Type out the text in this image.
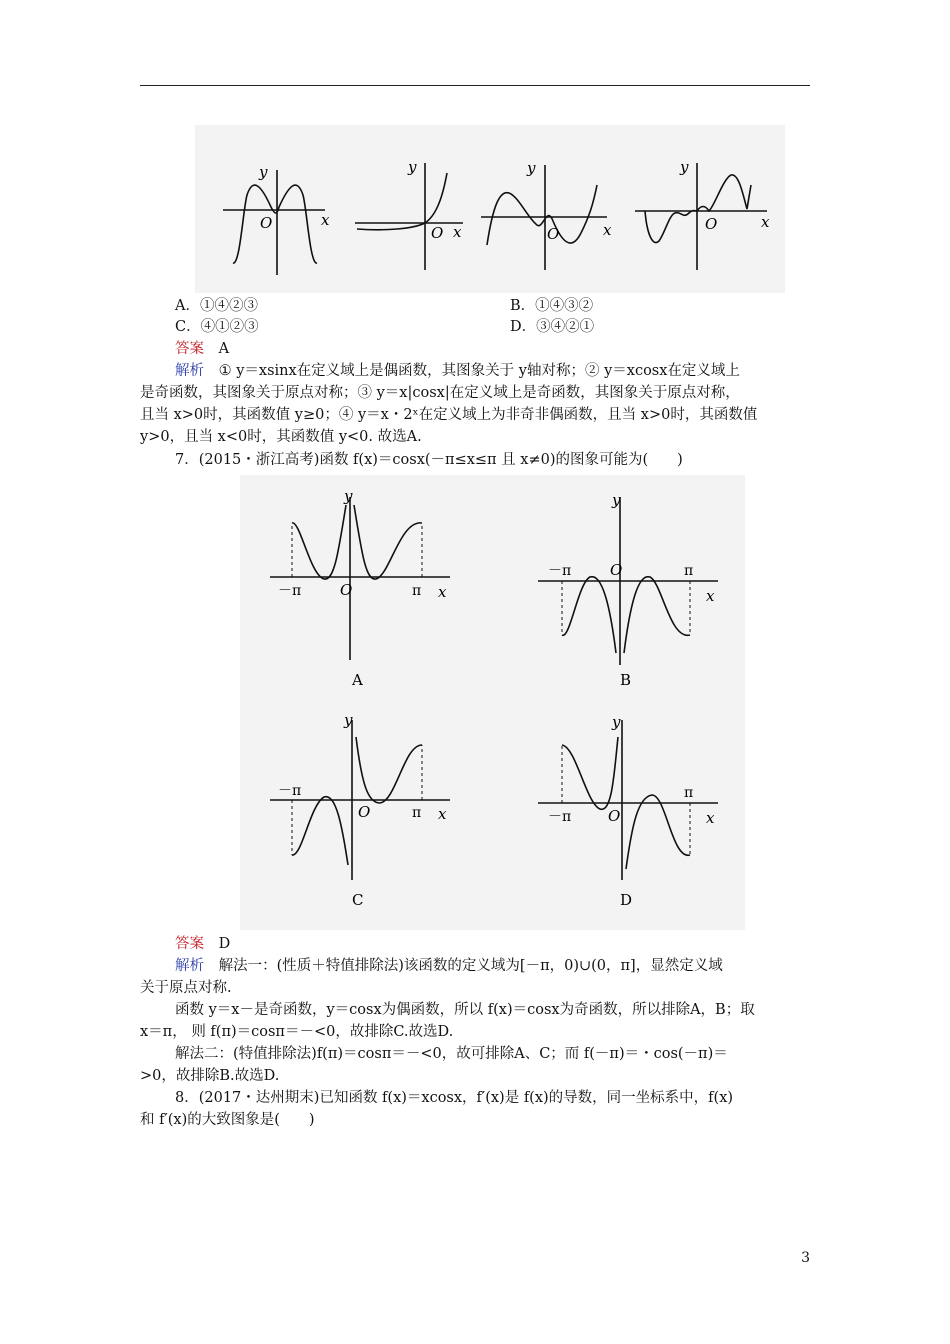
y
x
O
y
x
O
y
x
O
y
x
O
A．①④②③	B．①④③②
C．④①②③	D．③④②①
答案 A
解析 ① y＝xsinx在定义域上是偶函数，其图象关于 y轴对称；② y＝xcosx在定义域上
是奇函数，其图象关于原点对称；③ y＝x|cosx|在定义域上是奇函数，其图象关于原点对称，
且当 x>0时，其函数值 y≥0；④ y＝x・2ˣ在定义域上为非奇非偶函数，且当 x>0时，其函数值
y>0，且当 x<0时，其函数值 y<0. 故选A.
7．(2015・浙江高考)函数 f(x)＝cosx(－π≤x≤π 且 x≠0)的图象可能为(　　)
－π	π x
y
O
A
－π	π
x
y
O
B
－π
π x
y
O
C
－π
π
x
y
O
D
答案 D
解析 解法一：(性质＋特值排除法)该函数的定义域为[－π，0)∪(0，π]，显然定义域
关于原点对称.
函数 y＝x－是奇函数，y＝cosx为偶函数，所以 f(x)＝cosx为奇函数，所以排除A，B；取
x＝π， 则 f(π)＝cosπ＝－<0，故排除C.故选D.
解法二：(特值排除法)f(π)＝cosπ＝－<0，故可排除A、C；而 f(－π)＝・cos(－π)＝
>0，故排除B.故选D.
8．(2017・达州期末)已知函数 f(x)＝xcosx，f′(x)是 f(x)的导数，同一坐标系中，f(x)
和 f′(x)的大致图象是(　　)
3
